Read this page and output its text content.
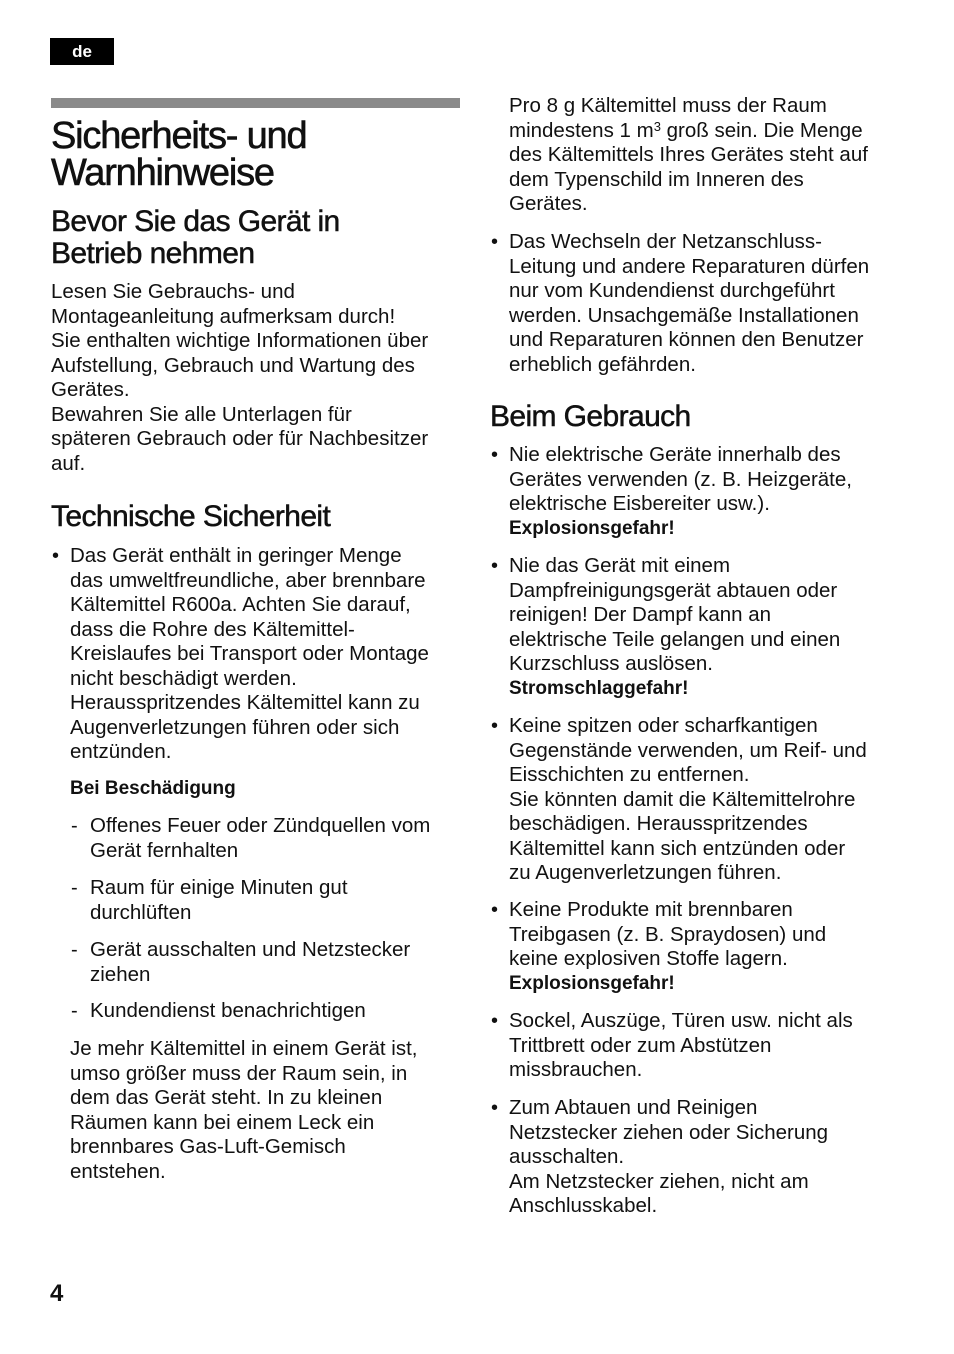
de
Sicherheits- und
Warnhinweise
Bevor Sie das Gerät in
Betrieb nehmen
Lesen Sie Gebrauchs- und
Montageanleitung aufmerksam durch!
Sie enthalten wichtige Informationen über
Aufstellung, Gebrauch und Wartung des
Gerätes.
Bewahren Sie alle Unterlagen für
späteren Gebrauch oder für Nachbesitzer
auf.
Technische Sicherheit
• Das Gerät enthält in geringer Menge
das umweltfreundliche, aber brennbare
Kältemittel R600a. Achten Sie darauf,
dass die Rohre des Kältemittel-
Kreislaufes bei Transport oder Montage
nicht beschädigt werden.
Herausspritzendes Kältemittel kann zu
Augenverletzungen führen oder sich
entzünden.
Bei Beschädigung
- Offenes Feuer oder Zündquellen vom
Gerät fernhalten
- Raum für einige Minuten gut
durchlüften
- Gerät ausschalten und Netzstecker
ziehen
- Kundendienst benachrichtigen
Je mehr Kältemittel in einem Gerät ist,
umso größer muss der Raum sein, in
dem das Gerät steht. In zu kleinen
Räumen kann bei einem Leck ein
brennbares Gas-Luft-Gemisch
entstehen.
4
Pro 8 g Kältemittel muss der Raum
mindestens 1 $m^3$ groß sein. Die Menge
des Kältemittels Ihres Gerätes steht auf
dem Typenschild im Inneren des
Gerätes.
• Das Wechseln der Netzanschluss-
Leitung und andere Reparaturen dürfen
nur vom Kundendienst durchgeführt
werden. Unsachgemäße Installationen
und Reparaturen können den Benutzer
erheblich gefährden.
Beim Gebrauch
• Nie elektrische Geräte innerhalb des
Gerätes verwenden (z. B. Heizgeräte,
elektrische Eisbereiter usw.).
Explosionsgefahr!
• Nie das Gerät mit einem
Dampfreinigungsgerät abtauen oder
reinigen! Der Dampf kann an
elektrische Teile gelangen und einen
Kurzschluss auslösen.
Stromschlaggefahr!
• Keine spitzen oder scharfkantigen
Gegenstände verwenden, um Reif- und
Eisschichten zu entfernen.
Sie könnten damit die Kältemittelrohre
beschädigen. Herausspritzendes
Kältemittel kann sich entzünden oder
zu Augenverletzungen führen.
• Keine Produkte mit brennbaren
Treibgasen (z. B. Spraydosen) und
keine explosiven Stoffe lagern.
Explosionsgefahr!
• Sockel, Auszüge, Türen usw. nicht als
Trittbrett oder zum Abstützen
missbrauchen.
• Zum Abtauen und Reinigen
Netzstecker ziehen oder Sicherung
ausschalten.
Am Netzstecker ziehen, nicht am
Anschlusskabel.
